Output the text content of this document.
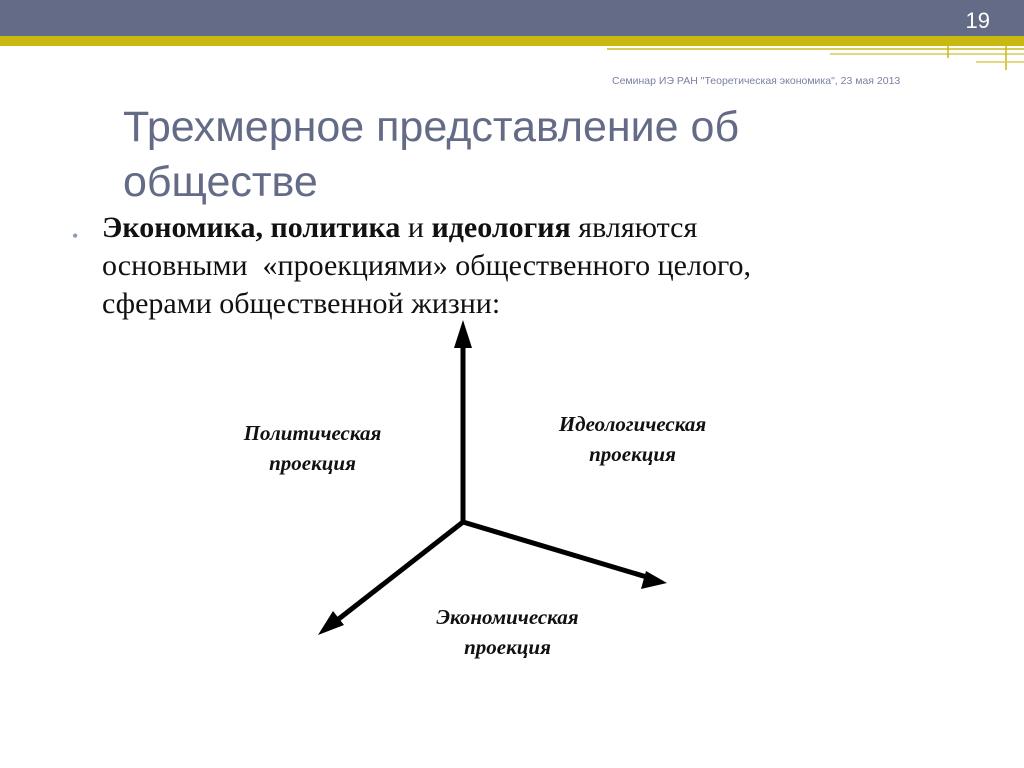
19
Семинар ИЭ РАН "Теоретическая экономика", 23 мая 2013
Трехмерное представление об
обществе
• Экономика, политика и идеология являются
основными  «проекциями» общественного целого,
сферами общественной жизни:
Политическая
проекция
Идеологическая
проекция
Экономическая
проекция
